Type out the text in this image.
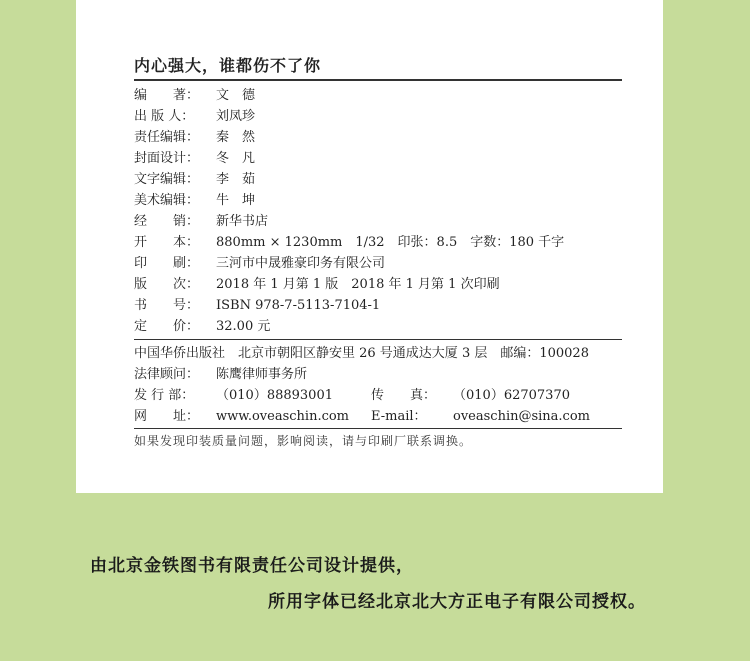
内心强大，谁都伤不了你
编　　著： 文　德
出 版 人： 刘凤珍
责任编辑： 秦　然
封面设计： 冬　凡
文字编辑： 李　茹
美术编辑： 牛　坤
经　　销： 新华书店
开　　本： 880mm × 1230mm　1/32　印张：8.5　字数：180 千字
印　　刷： 三河市中晟雅豪印务有限公司
版　　次： 2018 年 1 月第 1 版　2018 年 1 月第 1 次印刷
书　　号： ISBN 978-7-5113-7104-1
定　　价： 32.00 元
中国华侨出版社　北京市朝阳区静安里 26 号通成达大厦 3 层　邮编：100028
法律顾问： 陈鹰律师事务所
发 行 部： （010）88893001	传　　真： （010）62707370
网　　址： www.oveaschin.com E-mail： oveaschin@sina.com
如果发现印装质量问题，影响阅读，请与印刷厂联系调换。
由北京金铁图书有限责任公司设计提供，
所用字体已经北京北大方正电子有限公司授权。
